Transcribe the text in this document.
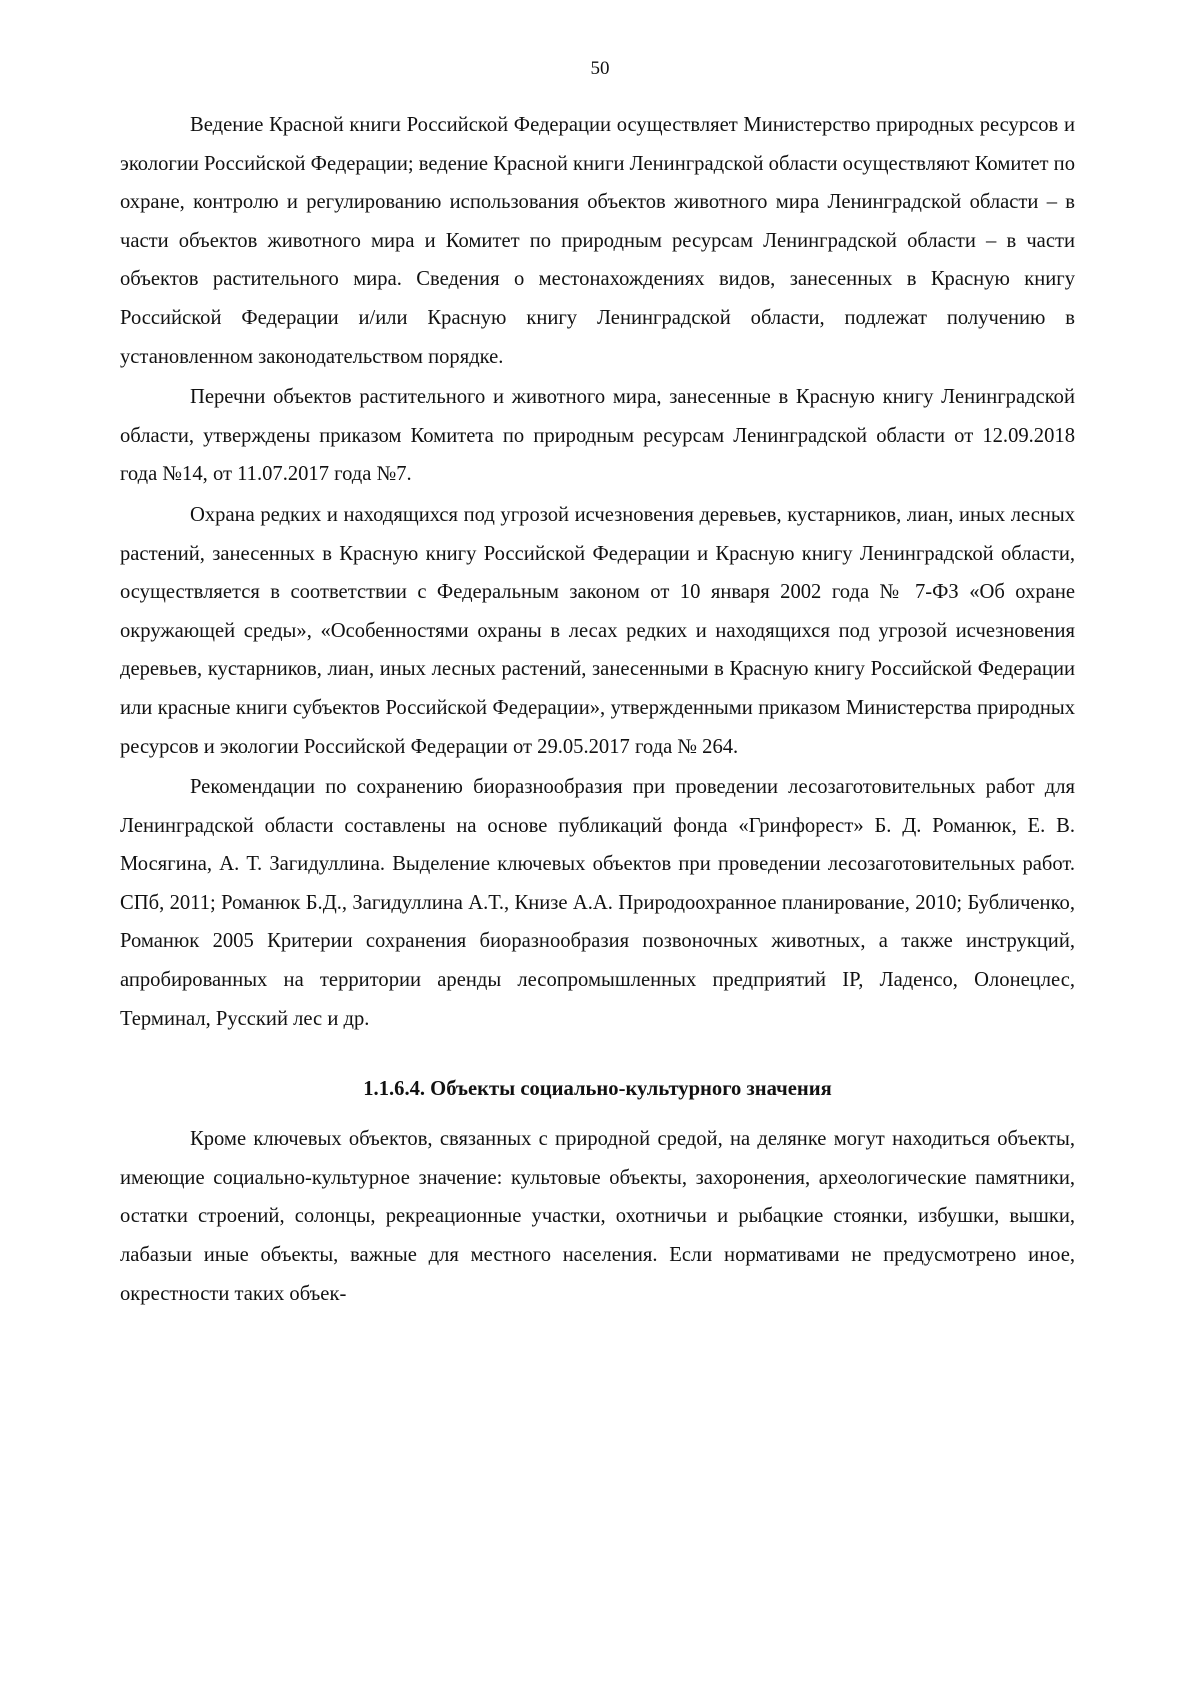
50

Ведение Красной книги Российской Федерации осуществляет Министерство природных ресурсов и экологии Российской Федерации; ведение Красной книги Ленинградской области осуществляют Комитет по охране, контролю и регулированию использования объектов животного мира Ленинградской области – в части объектов животного мира и Комитет по природным ресурсам Ленинградской области – в части объектов растительного мира. Сведения о местонахождениях видов, занесенных в Красную книгу Российской Федерации и/или Красную книгу Ленинградской области, подлежат получению в установленном законодательством порядке.

Перечни объектов растительного и животного мира, занесенные в Красную книгу Ленинградской области, утверждены приказом Комитета по природным ресурсам Ленинградской области от 12.09.2018 года №14, от 11.07.2017 года №7.

Охрана редких и находящихся под угрозой исчезновения деревьев, кустарников, лиан, иных лесных растений, занесенных в Красную книгу Российской Федерации и Красную книгу Ленинградской области, осуществляется в соответствии с Федеральным законом от 10 января 2002 года № 7-ФЗ «Об охране окружающей среды», «Особенностями охраны в лесах редких и находящихся под угрозой исчезновения деревьев, кустарников, лиан, иных лесных растений, занесенными в Красную книгу Российской Федерации или красные книги субъектов Российской Федерации», утвержденными приказом Министерства природных ресурсов и экологии Российской Федерации от 29.05.2017 года № 264.

Рекомендации по сохранению биоразнообразия при проведении лесозаготовительных работ для Ленинградской области составлены на основе публикаций фонда «Гринфорест» Б. Д. Романюк, Е. В. Мосягина, А. Т. Загидуллина. Выделение ключевых объектов при проведении лесозаготовительных работ. СПб, 2011; Романюк Б.Д., Загидуллина А.Т., Книзе А.А. Природоохранное планирование, 2010; Бубличенко, Романюк 2005 Критерии сохранения биоразнообразия позвоночных животных, а также инструкций, апробированных на территории аренды лесопромышленных предприятий IP, Ладенсо, Олонецлес, Терминал, Русский лес и др.

1.1.6.4. Объекты социально-культурного значения

Кроме ключевых объектов, связанных с природной средой, на делянке могут находиться объекты, имеющие социально-культурное значение: культовые объекты, захоронения, археологические памятники, остатки строений, солонцы, рекреационные участки, охотничьи и рыбацкие стоянки, избушки, вышки, лабазыи иные объекты, важные для местного населения. Если нормативами не предусмотрено иное, окрестности таких объек-
